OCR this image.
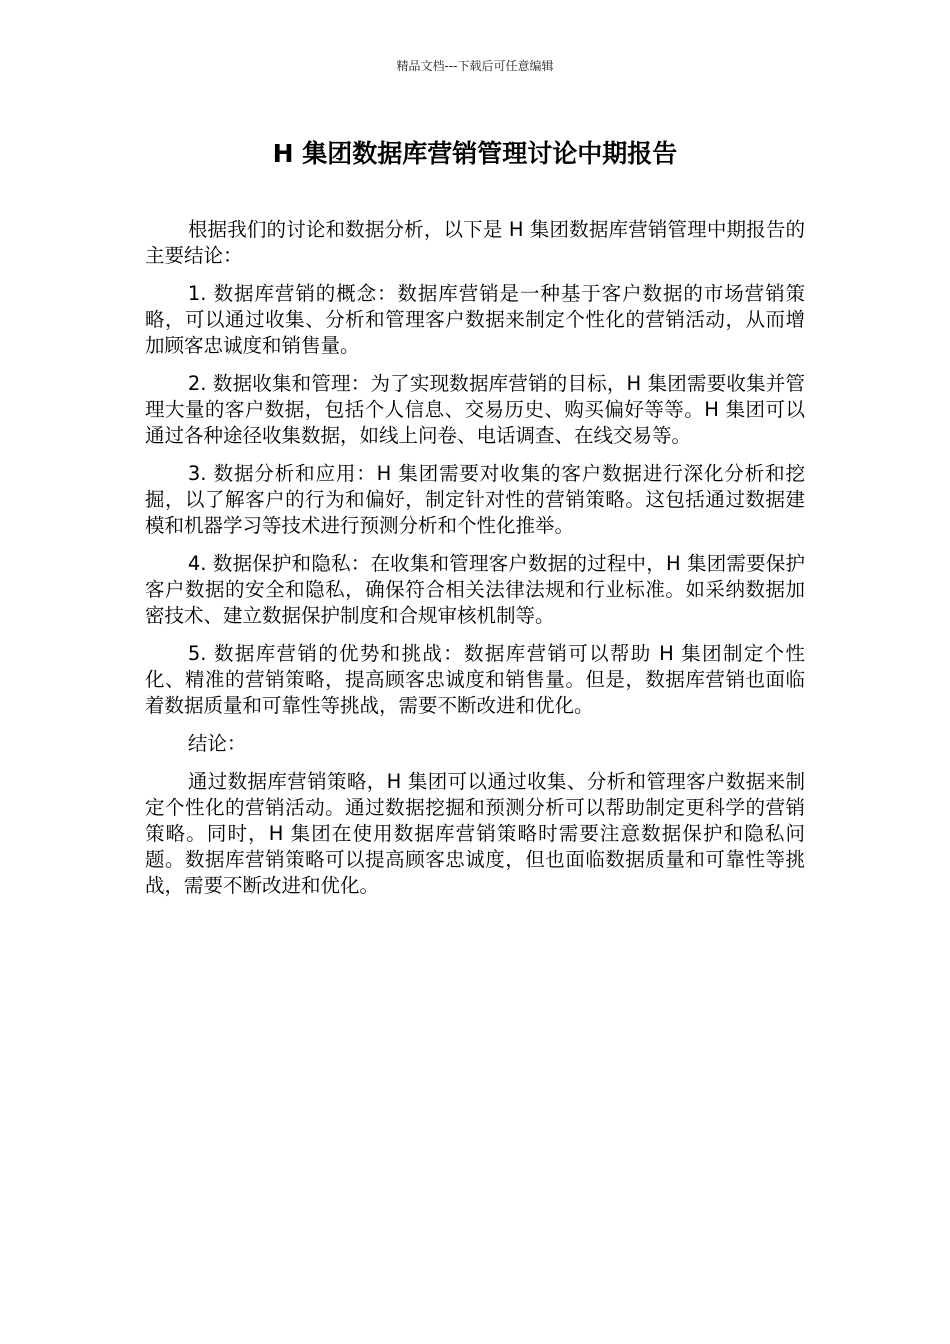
精品文档---下载后可任意编辑
H 集团数据库营销管理讨论中期报告

根据我们的讨论和数据分析，以下是 H 集团数据库营销管理中期报告的主要结论：

1. 数据库营销的概念：数据库营销是一种基于客户数据的市场营销策略，可以通过收集、分析和管理客户数据来制定个性化的营销活动，从而增加顾客忠诚度和销售量。

2. 数据收集和管理：为了实现数据库营销的目标，H 集团需要收集并管理大量的客户数据，包括个人信息、交易历史、购买偏好等等。H 集团可以通过各种途径收集数据，如线上问卷、电话调查、在线交易等。

3. 数据分析和应用：H 集团需要对收集的客户数据进行深化分析和挖掘，以了解客户的行为和偏好，制定针对性的营销策略。这包括通过数据建模和机器学习等技术进行预测分析和个性化推举。

4. 数据保护和隐私：在收集和管理客户数据的过程中，H 集团需要保护客户数据的安全和隐私，确保符合相关法律法规和行业标准。如采纳数据加密技术、建立数据保护制度和合规审核机制等。

5. 数据库营销的优势和挑战：数据库营销可以帮助 H 集团制定个性化、精准的营销策略，提高顾客忠诚度和销售量。但是，数据库营销也面临着数据质量和可靠性等挑战，需要不断改进和优化。

结论：

通过数据库营销策略，H 集团可以通过收集、分析和管理客户数据来制定个性化的营销活动。通过数据挖掘和预测分析可以帮助制定更科学的营销策略。同时，H 集团在使用数据库营销策略时需要注意数据保护和隐私问题。数据库营销策略可以提高顾客忠诚度，但也面临数据质量和可靠性等挑战，需要不断改进和优化。
